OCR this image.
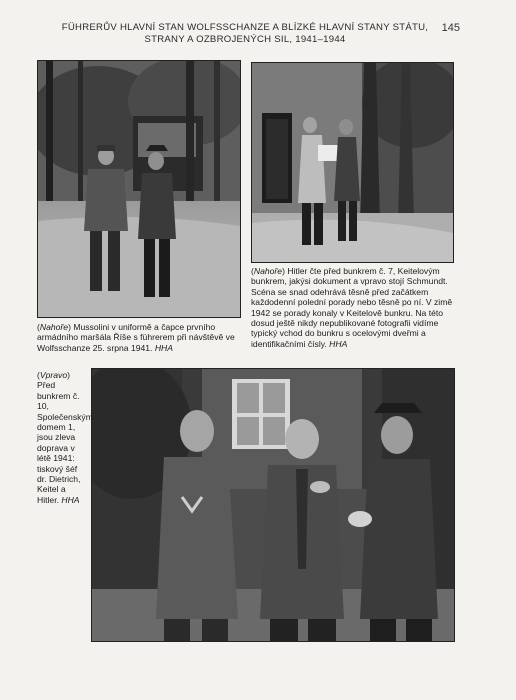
FÜHRERŮV HLAVNÍ STAN WOLFSSCHANZE A BLÍZKÉ HLAVNÍ STANY STÁTU,
STRANY A OZBROJENÝCH SIL, 1941–1944
145
(Nahoře) Mussolini v uniformě a čapce prvního armádního maršála Říše s führerem při návštěvě ve Wolfsschanze 25. srpna 1941. HHA
(Nahoře) Hitler čte před bunkrem č. 7, Keitelovým bunkrem, jakýsi dokument a vpravo stojí Schmundt. Scéna se snad odehrává těsně před začátkem každodenní polední porady nebo těsně po ní. V zimě 1942 se porady konaly v Keitelově bunkru. Na této dosud ještě nikdy nepublikované fotografii vidíme typický vchod do bunkru s ocelovými dveřmi a identifikačními čísly. HHA
(Vpravo) Před bunkrem č. 10, Společenským domem 1, jsou zleva doprava v létě 1941: tiskový šéf dr. Dietrich, Keitel a Hitler. HHA
